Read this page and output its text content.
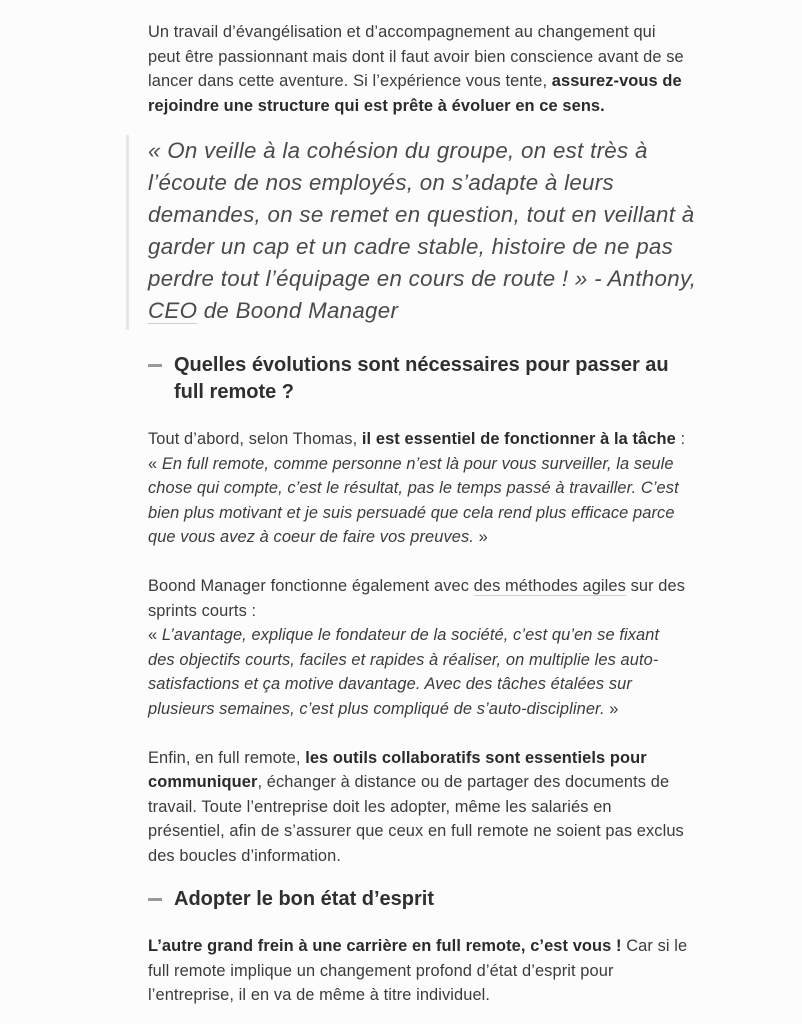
Un travail d’évangélisation et d’accompagnement au changement qui peut être passionnant mais dont il faut avoir bien conscience avant de se lancer dans cette aventure. Si l’expérience vous tente, assurez-vous de rejoindre une structure qui est prête à évoluer en ce sens.

« On veille à la cohésion du groupe, on est très à l’écoute de nos employés, on s’adapte à leurs demandes, on se remet en question, tout en veillant à garder un cap et un cadre stable, histoire de ne pas perdre tout l’équipage en cours de route ! » - Anthony, CEO de Boond Manager

Quelles évolutions sont nécessaires pour passer au full remote ?

Tout d’abord, selon Thomas, il est essentiel de fonctionner à la tâche : « En full remote, comme personne n’est là pour vous surveiller, la seule chose qui compte, c’est le résultat, pas le temps passé à travailler. C’est bien plus motivant et je suis persuadé que cela rend plus efficace parce que vous avez à coeur de faire vos preuves. »

Boond Manager fonctionne également avec des méthodes agiles sur des sprints courts :
« L’avantage, explique le fondateur de la société, c’est qu’en se fixant des objectifs courts, faciles et rapides à réaliser, on multiplie les auto-satisfactions et ça motive davantage. Avec des tâches étalées sur plusieurs semaines, c’est plus compliqué de s’auto-discipliner. »

Enfin, en full remote, les outils collaboratifs sont essentiels pour communiquer, échanger à distance ou de partager des documents de travail. Toute l’entreprise doit les adopter, même les salariés en présentiel, afin de s’assurer que ceux en full remote ne soient pas exclus des boucles d’information.

Adopter le bon état d’esprit

L’autre grand frein à une carrière en full remote, c’est vous ! Car si le full remote implique un changement profond d’état d’esprit pour l’entreprise, il en va de même à titre individuel.
